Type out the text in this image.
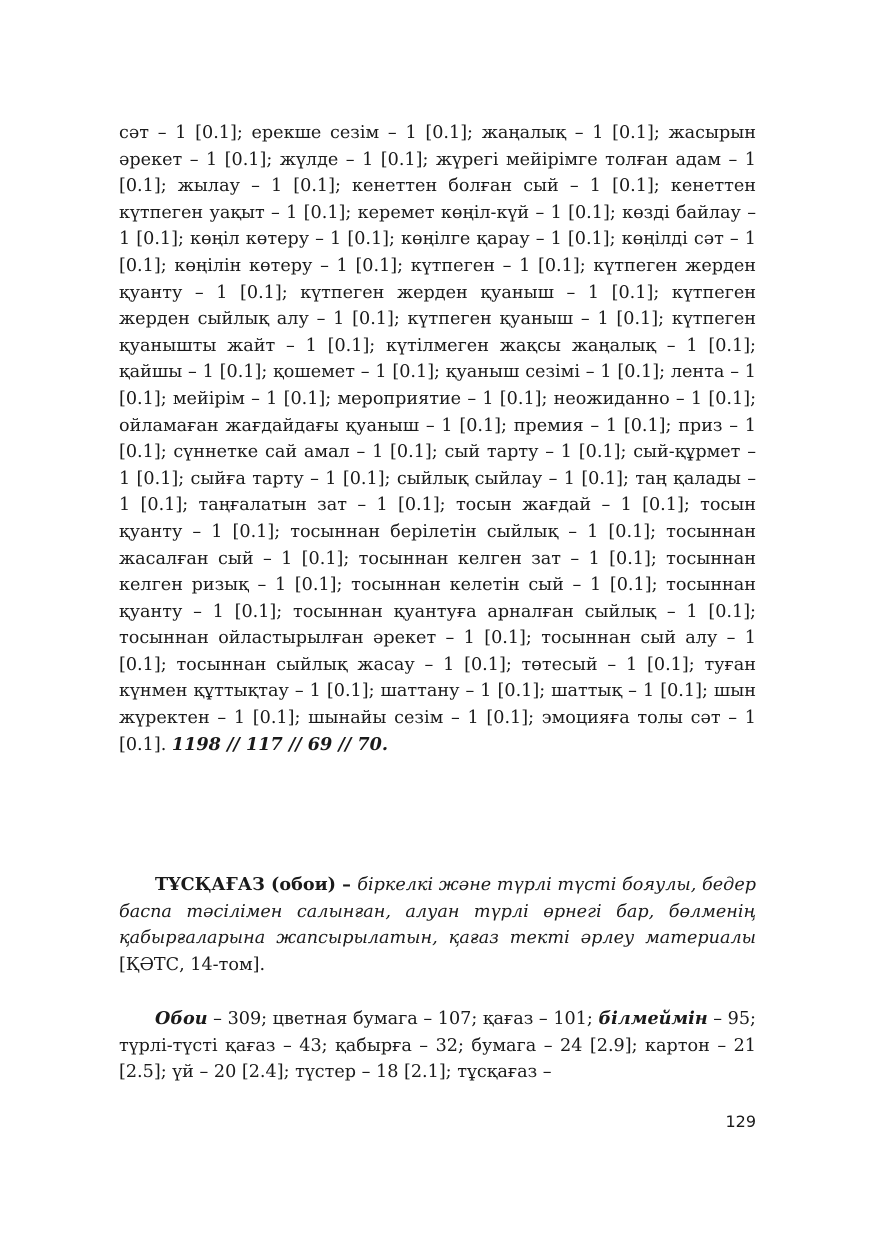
сәт – 1 [0.1]; ерекше сезім – 1 [0.1]; жаңалық – 1 [0.1]; жасырын әрекет – 1 [0.1]; жүлде – 1 [0.1]; жүрегі мейірімге толған адам – 1 [0.1]; жылау – 1 [0.1]; кенеттен болған сый – 1 [0.1]; кенеттен күтпеген уақыт – 1 [0.1]; керемет көңіл-күй – 1 [0.1]; көзді байлау – 1 [0.1]; көңіл көтеру – 1 [0.1]; көңілге қарау – 1 [0.1]; көңілді сәт – 1 [0.1]; көңілін көтеру – 1 [0.1]; күтпеген – 1 [0.1]; күтпеген жерден қуанту – 1 [0.1]; күтпеген жерден қуаныш – 1 [0.1]; күтпеген жерден сыйлық алу – 1 [0.1]; күтпеген қуаныш – 1 [0.1]; күтпеген қуанышты жайт – 1 [0.1]; күтілмеген жақсы жаңалық – 1 [0.1]; қайшы – 1 [0.1]; қошемет – 1 [0.1]; қуаныш сезімі – 1 [0.1]; лента – 1 [0.1]; мейірім – 1 [0.1]; мероприятие – 1 [0.1]; неожиданно – 1 [0.1]; ойламаған жағдайдағы қуаныш – 1 [0.1]; премия – 1 [0.1]; приз – 1 [0.1]; сүннетке сай амал – 1 [0.1]; сый тарту – 1 [0.1]; сый-құрмет – 1 [0.1]; сыйға тарту – 1 [0.1]; сыйлық сыйлау – 1 [0.1]; таң қалады – 1 [0.1]; таңғалатын зат – 1 [0.1]; тосын жағдай – 1 [0.1]; тосын қуанту – 1 [0.1]; тосыннан берілетін сыйлық – 1 [0.1]; тосыннан жасалған сый – 1 [0.1]; тосыннан келген зат – 1 [0.1]; тосыннан келген ризық – 1 [0.1]; тосыннан келетін сый – 1 [0.1]; тосыннан қуанту – 1 [0.1]; тосыннан қуантуға арналған сыйлық – 1 [0.1]; тосыннан ойластырылған әрекет – 1 [0.1]; тосыннан сый алу – 1 [0.1]; тосыннан сыйлық жасау – 1 [0.1]; төтесый – 1 [0.1]; туған күнмен құттықтау – 1 [0.1]; шаттану – 1 [0.1]; шаттық – 1 [0.1]; шын жүректен – 1 [0.1]; шынайы сезім – 1 [0.1]; эмоцияға толы сәт – 1 [0.1]. 1198 // 117 // 69 // 70.

ТҰСҚАҒАЗ (обои) – біркелкі және түрлі түсті бояулы, бедер баспа тәсілімен салынған, алуан түрлі өрнегі бар, бөлменің қабырғаларына жапсырылатын, қағаз текті әрлеу материалы [ҚӘТС, 14-том].

Обои – 309; цветная бумага – 107; қағаз – 101; білмеймін – 95; түрлі-түсті қағаз – 43; қабырға – 32; бумага – 24 [2.9]; картон – 21 [2.5]; үй – 20 [2.4]; түстер – 18 [2.1]; тұсқағаз –

129
